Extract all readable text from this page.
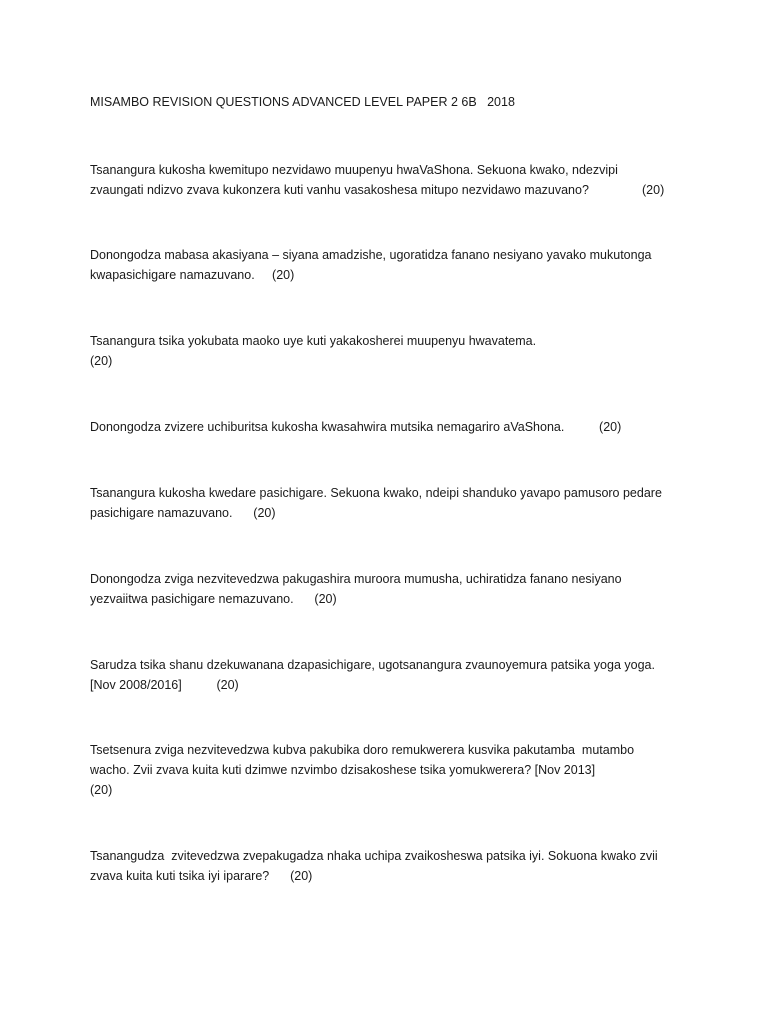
MISAMBO REVISION QUESTIONS ADVANCED LEVEL PAPER 2 6B   2018
Tsanangura kukosha kwemitupo nezvidawo muupenyu hwaVaShona. Sekuona kwako, ndezvipi
zvaungati ndizvo zvava kukonzera kuti vanhu vasakoshesa mitupo nezvidawo mazuvano?	(20)
Donongodza mabasa akasiyana – siyana amadzishe, ugoratidza fanano nesiyano yavako mukutonga
kwapasichigare namazuvano.     (20)
Tsanangura tsika yokubata maoko uye kuti yakakosherei muupenyu hwavatema.
(20)
Donongodza zvizere uchiburitsa kukosha kwasahwira mutsika nemagariro aVaShona.          (20)
Tsanangura kukosha kwedare pasichigare. Sekuona kwako, ndeipi shanduko yavapo pamusoro pedare
pasichigare namazuvano.      (20)
Donongodza zviga nezvitevedzwa pakugashira muroora mumusha, uchiratidza fanano nesiyano
yezvaiitwa pasichigare nemazuvano.      (20)
Sarudza tsika shanu dzekuwanana dzapasichigare, ugotsanangura zvaunoyemura patsika yoga yoga.
[Nov 2008/2016]          (20)
Tsetsenura zviga nezvitevedzwa kubva pakubika doro remukwerera kusvika pakutamba  mutambo
wacho. Zvii zvava kuita kuti dzimwe nzvimbo dzisakoshese tsika yomukwerera? [Nov 2013]
(20)
Tsanangudza  zvitevedzwa zvepakugadza nhaka uchipa zvaikosheswa patsika iyi. Sokuona kwako zvii
zvava kuita kuti tsika iyi iparare?      (20)
